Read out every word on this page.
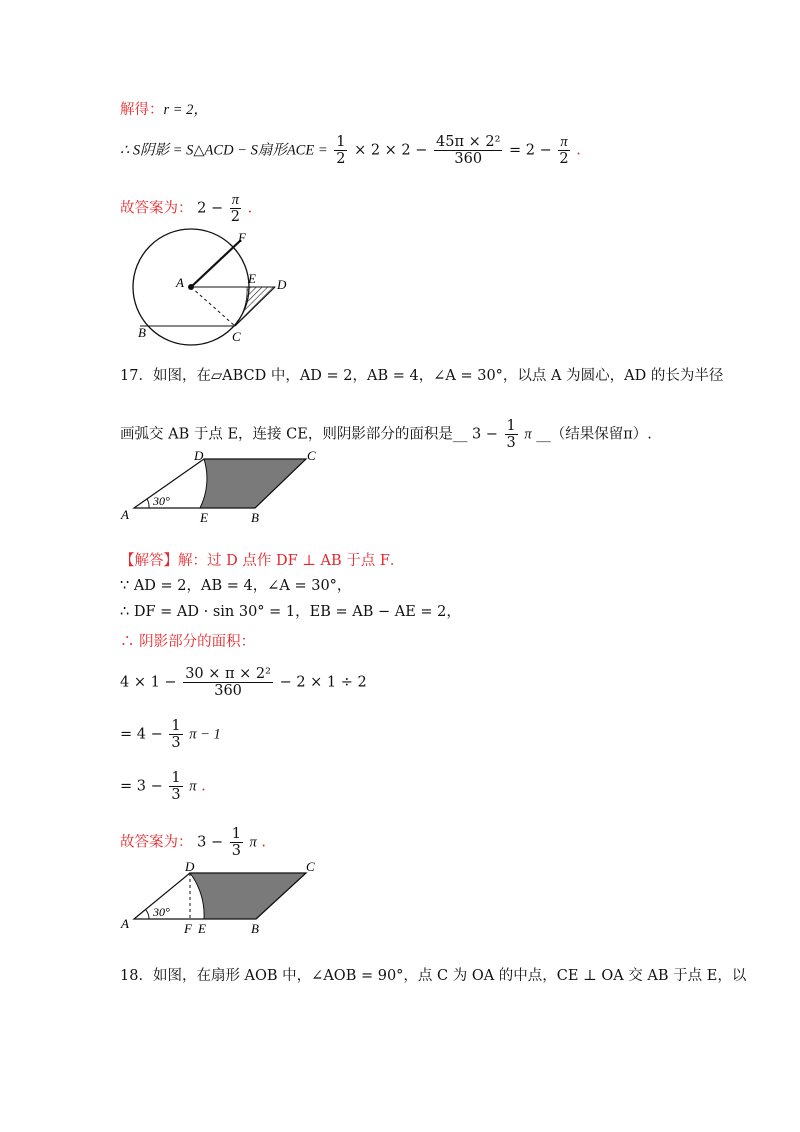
解得：r = 2，
∴ S阴影 = S△ACD − S扇形ACE = $\frac{1}{2} \times 2 \times 2 - \frac{\text{45π × 2²}}{360} = 2 - \frac{\pi}{2}$ .
故答案为： $2 - \frac{\pi}{2}$ .
F
A	E D
B	C
17．如图，在▱ABCD 中，AD = 2，AB = 4，∠A = 30°，以点 A 为圆心，AD 的长为半径
画弧交 AB 于点 E，连接 CE，则阴影部分的面积是__ $3 - \frac{1}{3}$ π __（结果保留π）.
D	C
A
30°
E	B
【解答】解：过 D 点作 DF ⊥ AB 于点 F．
∵ AD = 2，AB = 4，∠A = 30°，
∴ DF = AD · sin 30° = 1，EB = AB − AE = 2，
∴ 阴影部分的面积：
$4 \times 1 - \frac{\text{30 × π × 2²}}{360} - 2 \times 1 \div 2$
= $4 - \frac{1}{3}$ π − 1
= $3 - \frac{1}{3}$ π .
故答案为： $3 - \frac{1}{3}$ π .
D	C
A
30°
F E	B
18．如图，在扇形 AOB 中，∠AOB = 90°，点 C 为 OA 的中点，CE ⊥ OA 交 AB 于点 E，以
